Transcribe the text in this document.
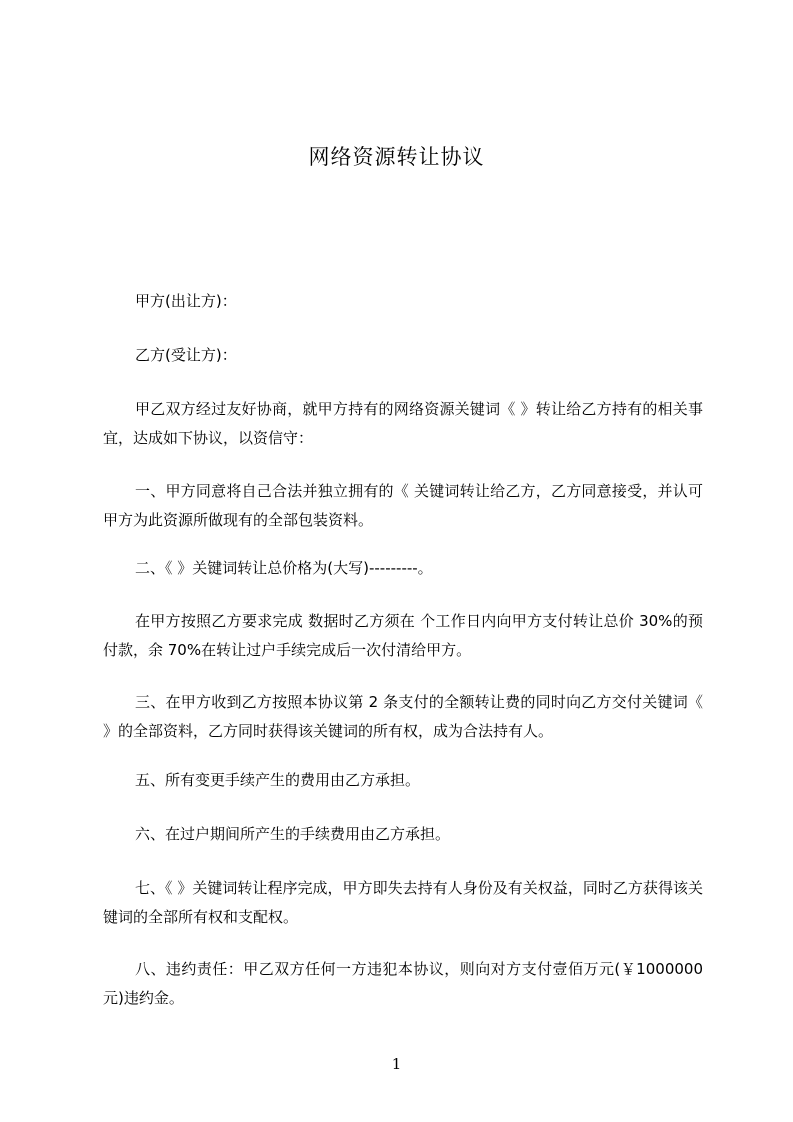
网络资源转让协议

甲方(出让方)：

乙方(受让方)：

甲乙双方经过友好协商，就甲方持有的网络资源关键词《 》转让给乙方持有的相关事宜，达成如下协议，以资信守：

一、甲方同意将自己合法并独立拥有的《 关键词转让给乙方，乙方同意接受，并认可甲方为此资源所做现有的全部包装资料。

二、《 》关键词转让总价格为(大写)---------。

在甲方按照乙方要求完成 数据时乙方须在 个工作日内向甲方支付转让总价 30%的预付款，余 70%在转让过户手续完成后一次付清给甲方。

三、在甲方收到乙方按照本协议第 2 条支付的全额转让费的同时向乙方交付关键词《 》的全部资料，乙方同时获得该关键词的所有权，成为合法持有人。

五、所有变更手续产生的费用由乙方承担。

六、在过户期间所产生的手续费用由乙方承担。

七、《 》关键词转让程序完成，甲方即失去持有人身份及有关权益，同时乙方获得该关键词的全部所有权和支配权。

八、违约责任：甲乙双方任何一方违犯本协议，则向对方支付壹佰万元(￥1000000 元)违约金。

1
